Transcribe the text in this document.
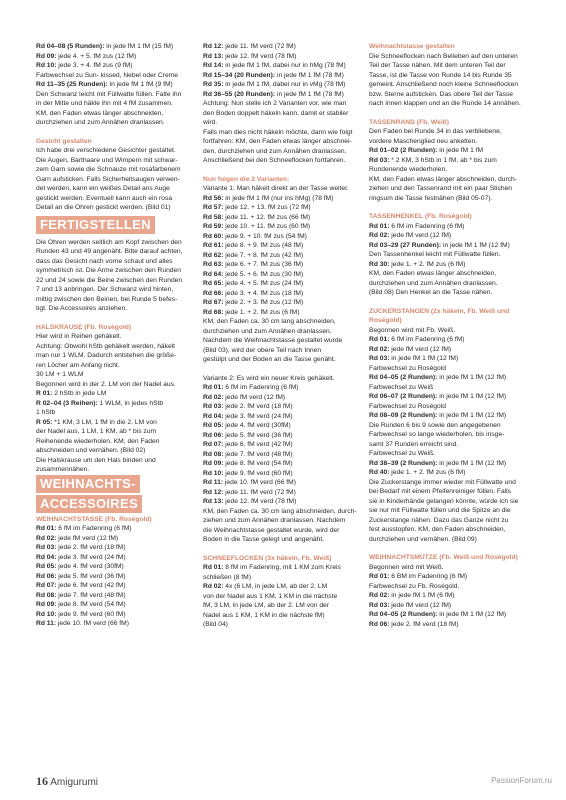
Rd 04–08 (5 Runden): in jede fM 1 fM (15 fM)
Rd 09: jede 4. + 5. fM zus (12 fM)
Rd 10: jede 3. + 4. fM zus (9 fM)
Farbwechsel zu Sun- kissed, Nebel oder Creme
Rd 11–35 (25 Runden): in jede fM 1 fM (9 fM)
Den Schwanz leicht mit Füllwatte füllen. Falte ihn
in der Mitte und häkle ihn mit 4 fM zusammen.
KM, den Faden etwas länger abschneiden,
durchziehen und zum Annähen dranlassen.
Gesicht gestalten
Ich habe drei verschiedene Gesichter gestaltet.
Die Augen, Barthaare und Wimpern mit schwar-
zem Garn sowie die Schnauze mit rosafarbenem
Garn aufsticken. Falls Sicherheitsaugen verwen-
det werden, kann ein weißes Detail ans Auge
gestickt werden. Eventuell kann auch ein rosa
Detail an die Ohren gestickt werden. (Bild 01)
FERTIGSTELLEN
Die Ohren werden seitlich am Kopf zwischen den
Runden 43 und 49 angenäht. Bitte darauf achten,
dass das Gesicht nach vorne schaut und alles
symmetrisch ist. Die Arme zwischen den Runden
22 und 24 sowie die Beine zwischen den Runden
7 und 13 anbringen. Der Schwanz wird hinten,
mittig zwischen den Beinen, bei Runde 5 befes-
tigt. Die Accessoires anziehen.
HALSKRAUSE (Fb. Roségold)
Hier wird in Reihen gehäkelt.
Achtung: Obwohl hStb gehäkelt werden, häkelt
man nur 1 WLM. Dadurch entstehen die größe-
ren Löcher am Anfang nicht.
30 LM + 1 WLM
Begonnen wird in der 2. LM von der Nadel aus.
R 01: 2 hStb in jede LM
R 02–04 (3 Reihen): 1 WLM, in jedes hStb
1 hStb
R 05: *1 KM, 3 LM, 1 fM in die 2. LM von
der Nadel aus, 1 LM, 1 KM, ab * bis zum
Reihenende wiederholen. KM, den Faden
abschneiden und vernähen. (Bild 02)
Die Halskrause um den Hals binden und
zusammennähen.
WEIHNACHTS-
ACCESSOIRES
WEIHNACHTSTASSE (Fb. Roségold)
Rd 01: 6 fM im Fadenring (6 fM)
Rd 02: jede fM verd (12 fM)
Rd 03: jede 2. fM verd (18 fM)
Rd 04: jede 3. fM verd (24 fM)
Rd 05: jede 4. fM verd (30fM)
Rd 06: jede 5. fM verd (36 fM)
Rd 07: jede 6. fM verd (42 fM)
Rd 08: jede 7. fM verd (48 fM)
Rd 09: jede 8. fM verd (54 fM)
Rd 10: jede 9. fM verd (60 fM)
Rd 11: jede 10. fM verd (66 fM)
Rd 12: jede 11. fM verd (72 fM)
Rd 13: jede 12. fM verd (78 fM)
Rd 14: in jede fM 1 fM, dabei nur in hMg (78 fM)
Rd 15–34 (20 Runden): in jede fM 1 fM (78 fM)
Rd 35: in jede fM 1 fM, dabei nur in vMg (78 fM)
Rd 36–55 (20 Runden): in jede fM 1 fM (78 fM)
Achtung: Nun stelle ich 2 Varianten vor, wie man
den Boden doppelt häkeln kann, damit er stabiler
wird.
Falls man dies nicht häkeln möchte, dann wie folgt
fortfahren: KM, den Faden etwas länger abschnei-
den, durchziehen und zum Annähen dranlassen.
Anschließend bei den Schneeflocken fortfahren.
Nun folgen die 2 Varianten:
Variante 1: Man häkelt direkt an der Tasse weiter.
Rd 56: in jede fM 1 fM (nur ins hMg) (78 fM)
Rd 57: jede 12. + 13. fM zus (72 fM)
Rd 58: jede 11. + 12. fM zus (66 fM)
Rd 59: jede 10. + 11. fM zus (60 fM)
Rd 60: jede 9. + 10. fM zus (54 fM)
Rd 61: jede 8. + 9. fM zus (48 fM)
Rd 62: jede 7. + 8. fM zus (42 fM)
Rd 63: jede 6. + 7. fM zus (36 fM)
Rd 64: jede 5. + 6. fM zus (30 fM)
Rd 65: jede 4. + 5. fM zus (24 fM)
Rd 66: jede 3. + 4. fM zus (18 fM)
Rd 67: jede 2. + 3. fM zus (12 fM)
Rd 68: jede 1. + 2. fM zus (6 fM)
KM, den Faden ca. 30 cm lang abschneiden,
durchziehen und zum Annähen dranlassen.
Nachdem die Weihnachtstasse gestaltet wurde
(Bild 03), wird der obere Teil nach Innen
gestülpt und der Boden an die Tasse genäht.
Variante 2: Es wird ein neuer Kreis gehäkelt.
Rd 01: 6 fM im Fadenring (6 fM)
Rd 02: jede fM verd (12 fM)
Rd 03: jede 2. fM verd (18 fM)
Rd 04: jede 3. fM verd (24 fM)
Rd 05: jede 4. fM verd (30fM)
Rd 06: jede 5. fM verd (36 fM)
Rd 07: jede 6. fM verd (42 fM)
Rd 08: jede 7. fM verd (48 fM)
Rd 09: jede 8. fM verd (54 fM)
Rd 10: jede 9. fM verd (60 fM)
Rd 11: jede 10. fM verd (66 fM)
Rd 12: jede 11. fM verd (72 fM)
Rd 13: jede 12. fM verd (78 fM)
KM, den Faden ca. 30 cm lang abschneiden, durch-
ziehen und zum Annähen dranlassen. Nachdem
die Weihnachtstasse gestaltet wurde, wird der
Boden in die Tasse gelegt und angenäht.
SCHNEEFLOCKEN (3x häkeln, Fb. Weiß)
Rd 01: 8 fM im Fadenring, mit 1 KM zum Kreis
schließen (8 fM)
Rd 02: 4x (6 LM, in jede LM, ab der 2. LM
von der Nadel aus 1 KM, 1 KM in die nächste
fM, 3 LM, in jede LM, ab der 2. LM von der
Nadel aus 1 KM, 1 KM in die nächste fM)
(Bild 04)
Weihnachtstasse gestalten
Die Schneeflocken nach Belieben auf den unteren
Teil der Tasse nähen. Mit dem unteren Teil der
Tasse, ist die Tasse von Runde 14 bis Runde 35
gemeint. Anschließend noch kleine Schneeflocken
bzw. Sterne aufsticken. Das obere Teil der Tasse
nach innen klappen und an die Runde 14 annähen.
TASSENRAND (Fb. Weiß)
Den Faden bei Runde 34 in das verbliebene,
vordere Maschenglied neu anketten.
Rd 01–02 (2 Runden): in jede fM 1 fM
Rd 03: * 2 KM, 3 hStb in 1 fM, ab * bis zum
Rundenende wiederholen.
KM, den Faden etwas länger abschneiden, durch-
ziehen und den Tassenrand mit ein paar Stichen
ringsum die Tasse festnähen (Bild 05-07).
TASSENHENKEL (Fb. Roségold)
Rd 01: 6 fM im Fadenring (6 fM)
Rd 02: jede fM verd (12 fM)
Rd 03–29 (27 Runden): in jede fM 1 fM (12 fM)
Den Tassenhenkel leicht mit Füllwatte füllen.
Rd 30: jede 1. + 2. fM zus (6 fM)
KM, den Faden etwas länger abschneiden,
durchziehen und zum Annähen dranlassen.
(Bild 08) Den Henkel an die Tasse nähen.
ZUCKERSTANGEN (2x häkeln, Fb. Weiß und
Roségold)
Begonnen wird mit Fb. Weiß.
Rd 01: 6 fM im Fadenring (6 fM)
Rd 02: jede fM verd (12 fM)
Rd 03: in jede fM 1 fM (12 fM)
Farbwechsel zu Roségold
Rd 04–05 (2 Runden): in jede fM 1 fM (12 fM)
Farbwechsel zu Weiß
Rd 06–07 (2 Runden): in jede fM 1 fM (12 fM)
Farbwechsel zu Roségold
Rd 08–09 (2 Runden): in jede fM 1 fM (12 fM)
Die Runden 6 bis 9 sowie den angegebenen
Farbwechsel so lange wiederholen, bis insge-
samt 37 Runden erreicht sind.
Farbwechsel zu Weiß.
Rd 38–39 (2 Runden): in jede fM 1 fM (12 fM)
Rd 40: jede 1. + 2. fM zus (6 fM)
Die Zuckerstange immer wieder mit Füllwatte und
bei Bedarf mit einem Pfeifenreiniger füllen. Falls
sie in Kinderhände gelangen könnte, würde ich sie
sie nur mit Füllwatte füllen und die Spitze an die
Zuckerstange nähen. Dazu das Ganze nicht zu
fest ausstopfen. KM, den Faden abschneiden,
durchziehen und vernähen. (Bild 09)
WEIHNACHTSMÜTZE (Fb. Weiß und Roségold)
Begonnen wird mit Weiß.
Rd 01: 6 BM im Fadenring (6 fM)
Farbwechsel zu Fb. Roségold.
Rd 02: in jede fM 1 fM (6 fM)
Rd 03: jede fM verd (12 fM)
Rd 04–05 (2 Runden): in jede fM 1 fM (12 fM)
Rd 06: jede 2. fM verd (18 fM)
16 Amigurumi	PassionForum.ru
